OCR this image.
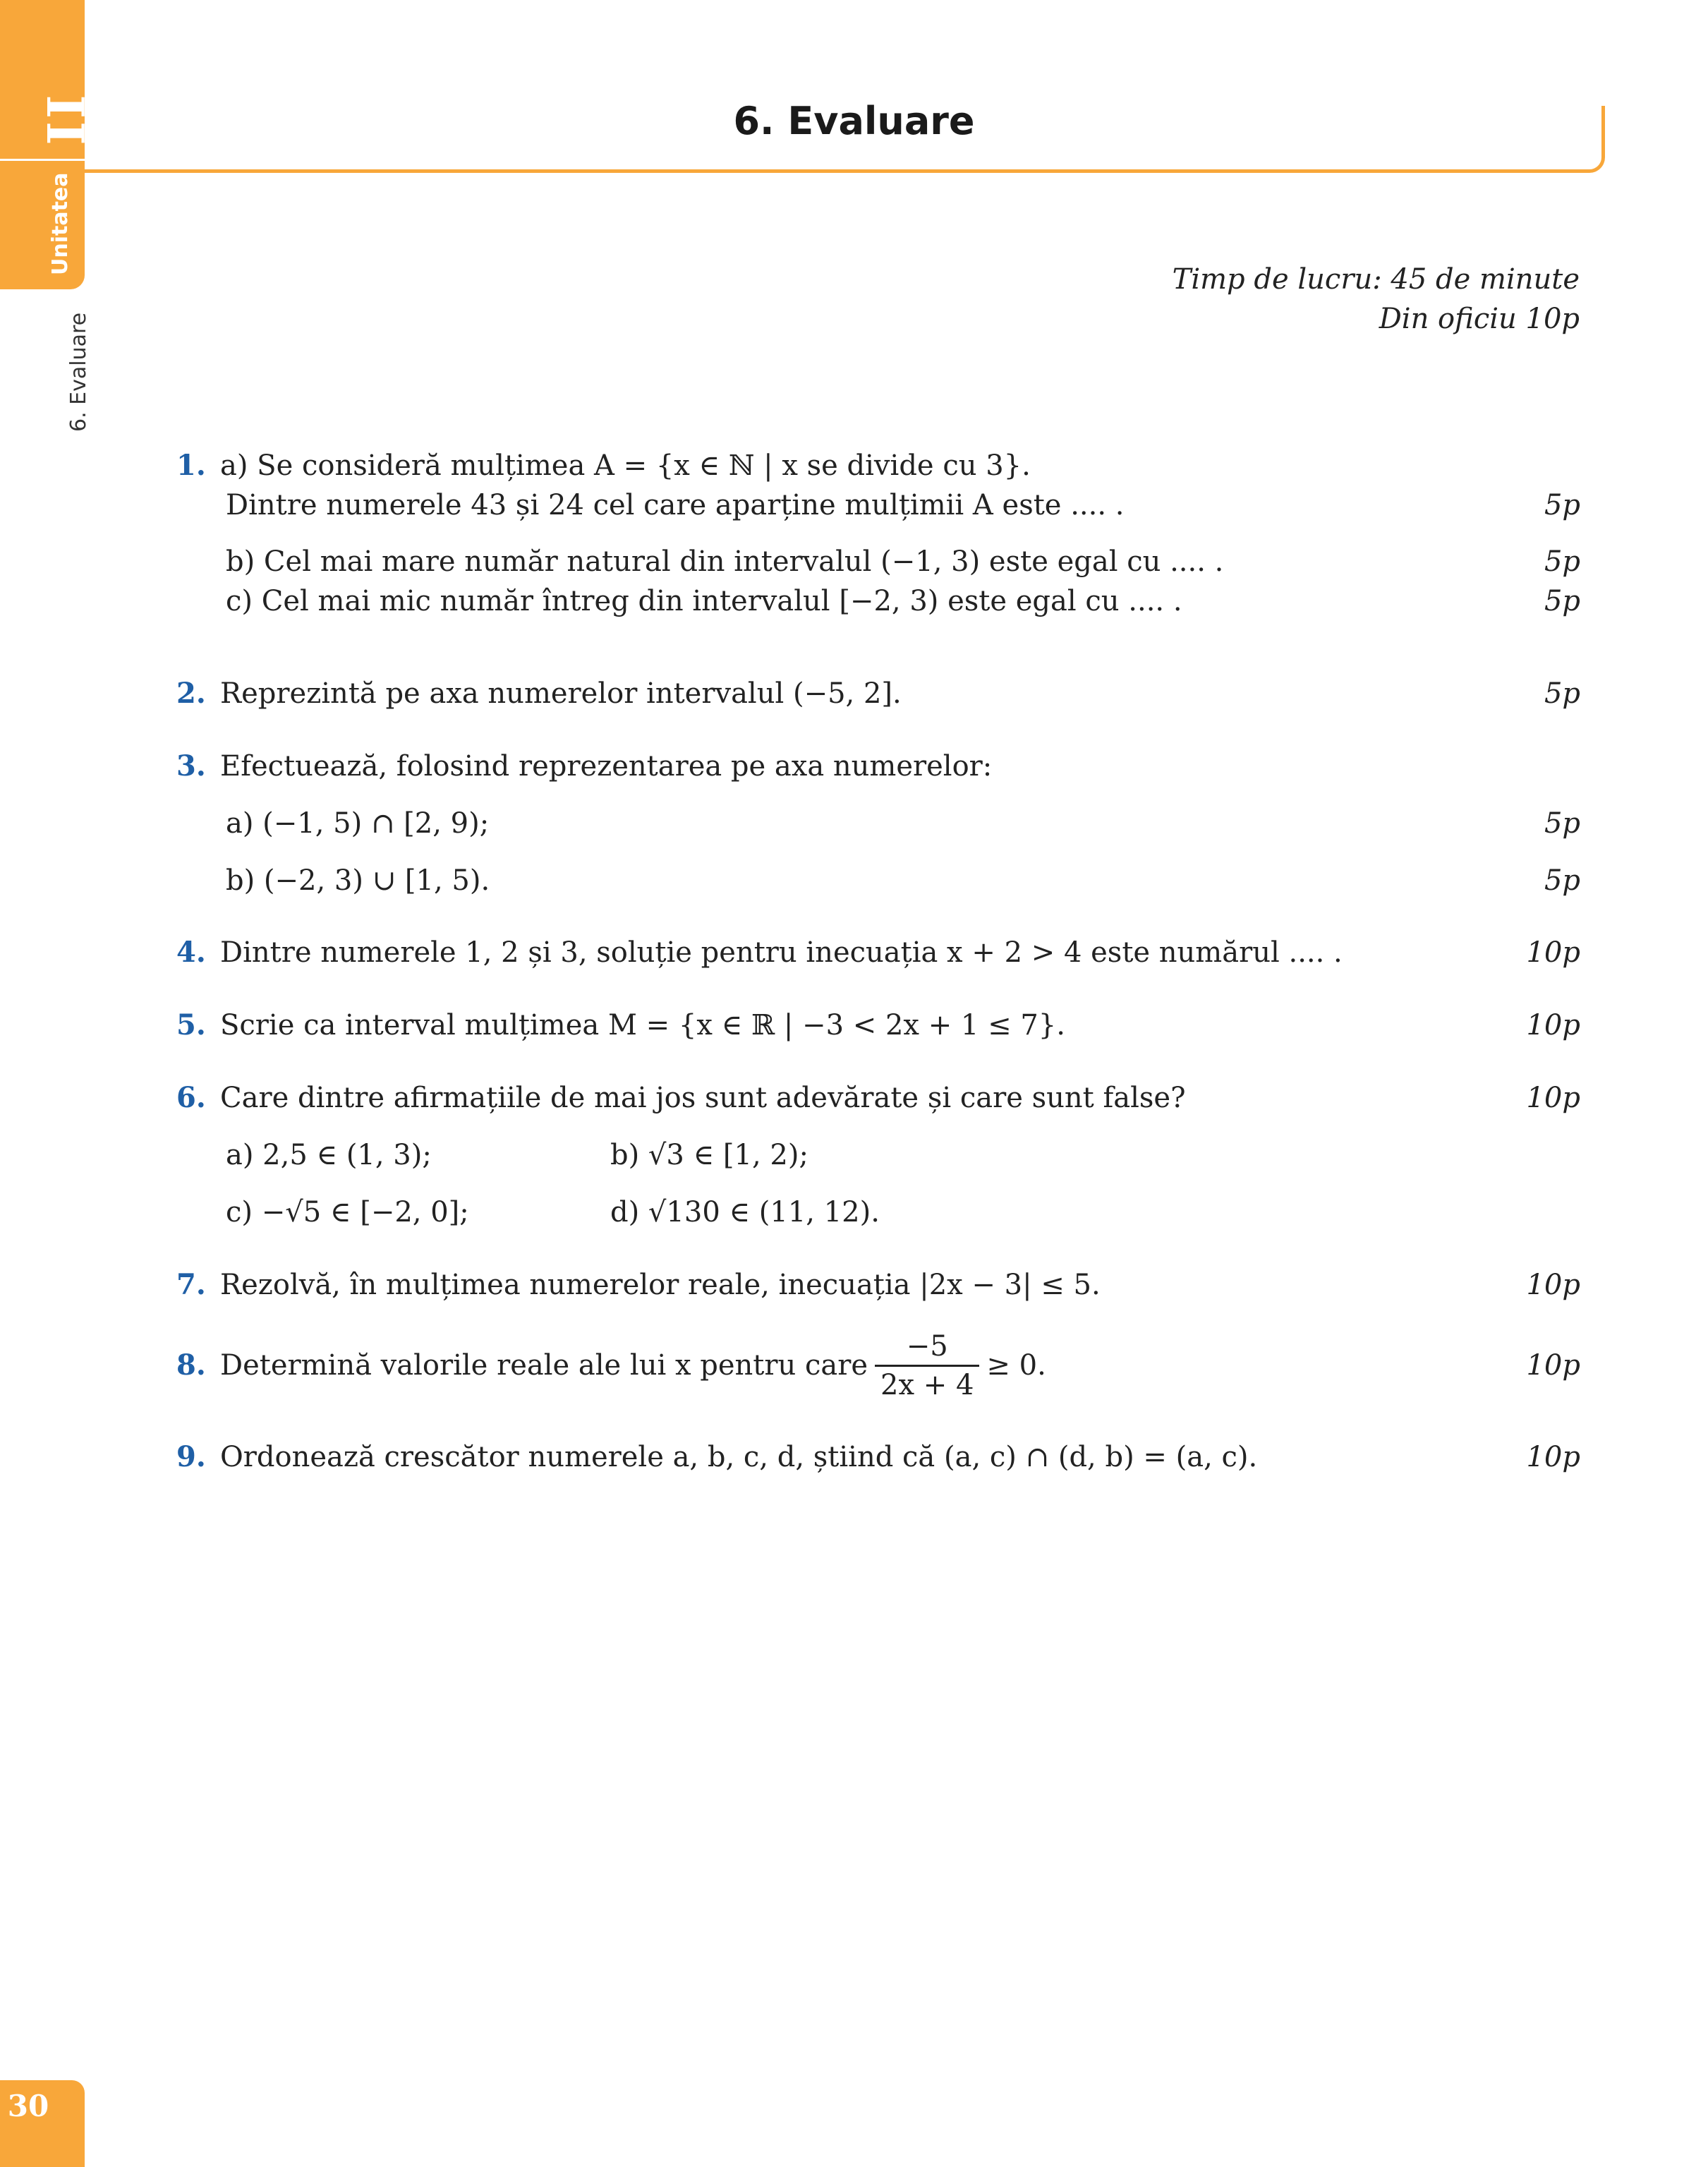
II
Unitatea
6. Evaluare
6. Evaluare
Timp de lucru: 45 de minute
Din oficiu 10p
1. a) Se consideră mulțimea A = {x ∈ ℕ | x se divide cu 3}.
Dintre numerele 43 și 24 cel care aparține mulțimii A este .... .	5p
b) Cel mai mare număr natural din intervalul (−1, 3) este egal cu .... .	5p
c) Cel mai mic număr întreg din intervalul [−2, 3) este egal cu .... .	5p
2. Reprezintă pe axa numerelor intervalul (−5, 2].	5p
3. Efectuează, folosind reprezentarea pe axa numerelor:
a) (−1, 5) ∩ [2, 9);	5p
b) (−2, 3) ∪ [1, 5).	5p
4. Dintre numerele 1, 2 și 3, soluție pentru inecuația x + 2 > 4 este numărul .... .	10p
5. Scrie ca interval mulțimea M = {x ∈ ℝ | −3 < 2x + 1 ≤ 7}.	10p
6. Care dintre afirmațiile de mai jos sunt adevărate și care sunt false?	10p
a) 2,5 ∈ (1, 3);	b) √3 ∈ [1, 2);
c) −√5 ∈ [−2, 0];	d) √130 ∈ (11, 12).
7. Rezolvă, în mulțimea numerelor reale, inecuația |2x − 3| ≤ 5.	10p
8. Determină valorile reale ale lui x pentru care $\frac{-5}{2x + 4} \ge 0$.	10p
9. Ordonează crescător numerele a, b, c, d, știind că (a, c) ∩ (d, b) = (a, c).	10p
30
